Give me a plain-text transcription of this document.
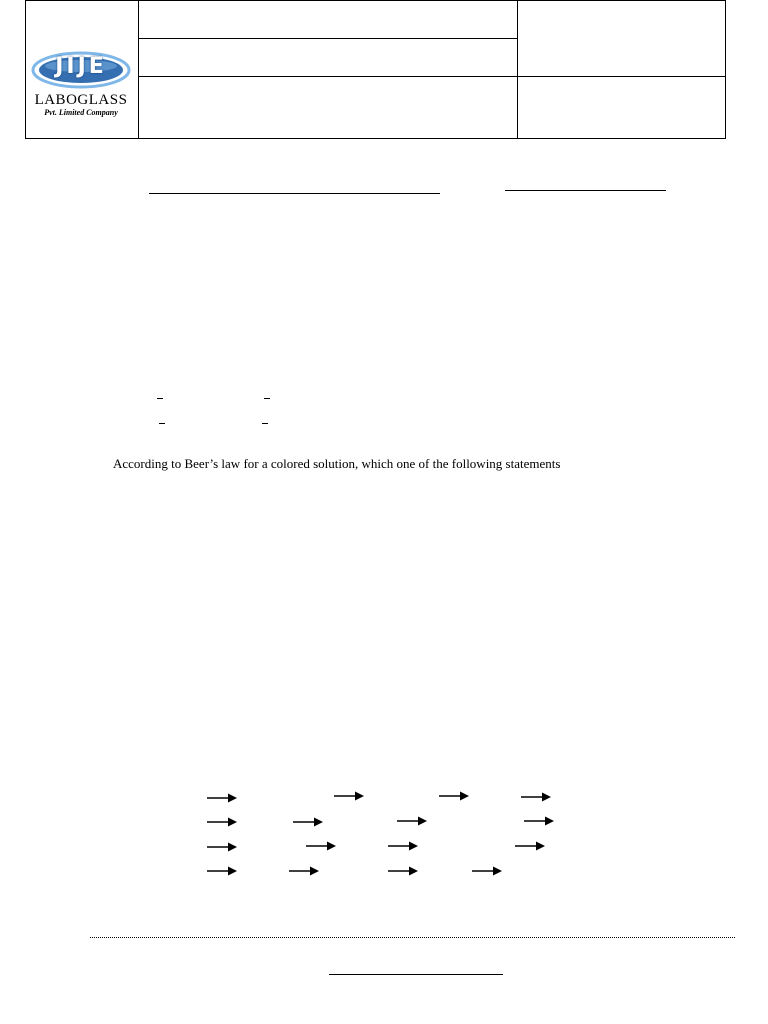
JIJE
LABOGLASS
Pvt. Limited Company
According to Beer’s law for a colored solution, which one of the following statements
